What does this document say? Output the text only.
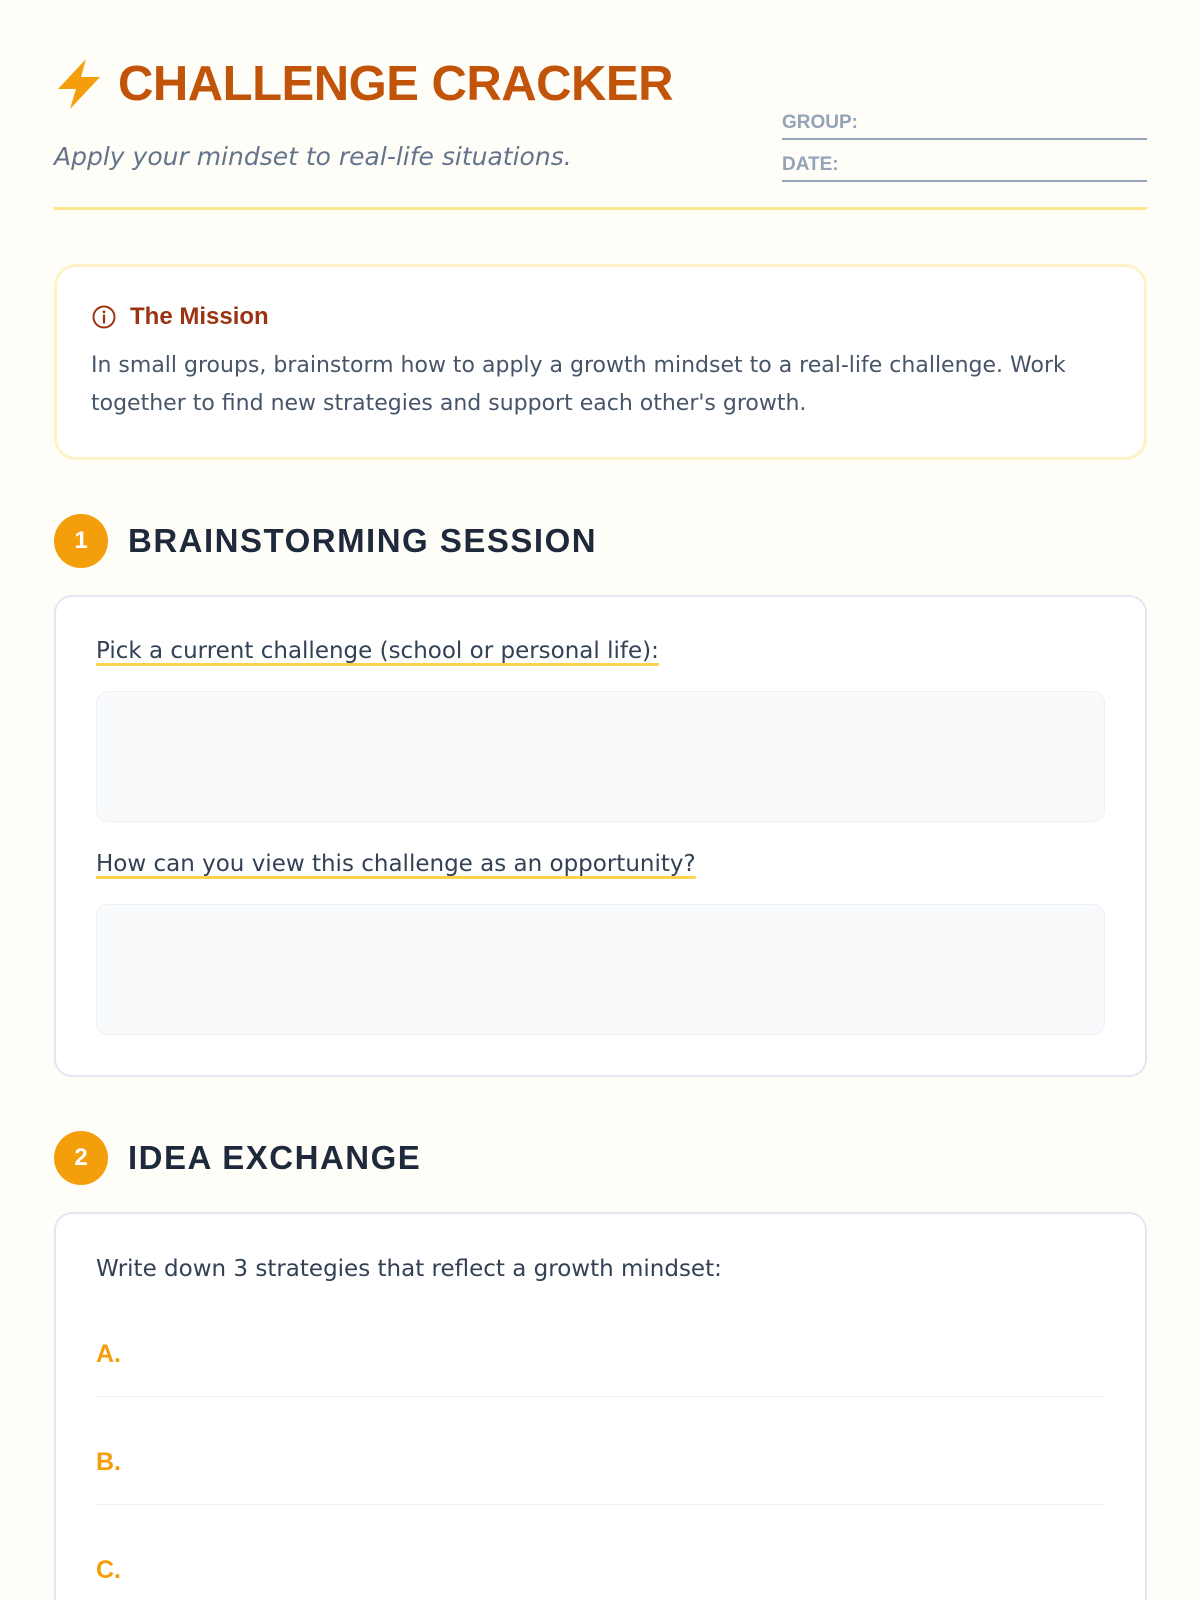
CHALLENGE CRACKER
Apply your mindset to real-life situations.
GROUP:
DATE:
The Mission
In small groups, brainstorm how to apply a growth mindset to a real-life challenge. Work together to find new strategies and support each other's growth.
1	BRAINSTORMING SESSION
Pick a current challenge (school or personal life):
How can you view this challenge as an opportunity?
2	IDEA EXCHANGE
Write down 3 strategies that reflect a growth mindset:
A.
B.
C.
